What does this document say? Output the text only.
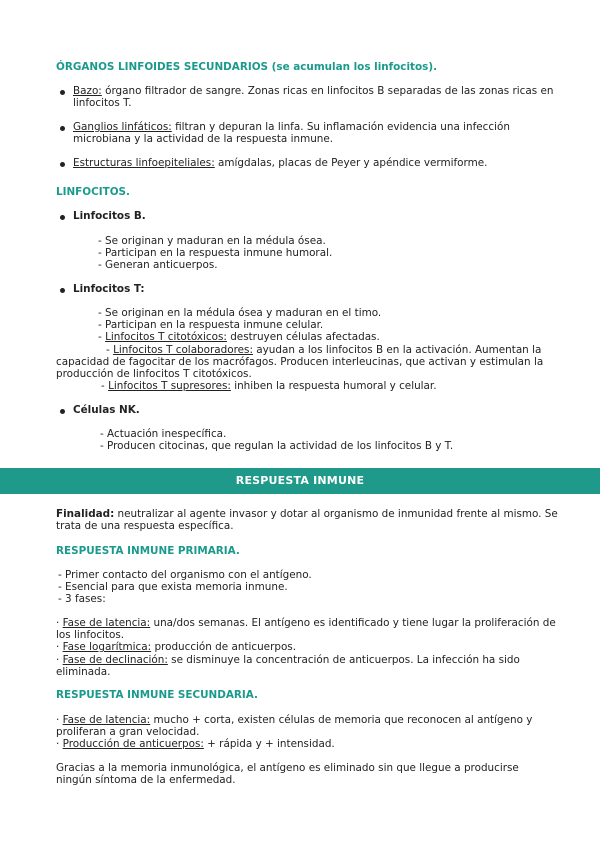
ÓRGANOS LINFOIDES SECUNDARIOS (se acumulan los linfocitos).
Bazo: órgano filtrador de sangre. Zonas ricas en linfocitos B separadas de las zonas ricas en
linfocitos T.
Ganglios linfáticos: filtran y depuran la linfa. Su inflamación evidencia una infección
microbiana y la actividad de la respuesta inmune.
Estructuras linfoepiteliales: amígdalas, placas de Peyer y apéndice vermiforme.
LINFOCITOS.
Linfocitos B.
- Se originan y maduran en la médula ósea.
- Participan en la respuesta inmune humoral.
- Generan anticuerpos.
Linfocitos T:
- Se originan en la médula ósea y maduran en el timo.
- Participan en la respuesta inmune celular.
- Linfocitos T citotóxicos: destruyen células afectadas.
- Linfocitos T colaboradores: ayudan a los linfocitos B en la activación. Aumentan la
capacidad de fagocitar de los macrófagos. Producen interleucinas, que activan y estimulan la
producción de linfocitos T citotóxicos.
- Linfocitos T supresores: inhiben la respuesta humoral y celular.
Células NK.
- Actuación inespecífica.
- Producen citocinas, que regulan la actividad de los linfocitos B y T.
RESPUESTA INMUNE
Finalidad: neutralizar al agente invasor y dotar al organismo de inmunidad frente al mismo. Se
trata de una respuesta específica.
RESPUESTA INMUNE PRIMARIA.
- Primer contacto del organismo con el antígeno.
- Esencial para que exista memoria inmune.
- 3 fases:
· Fase de latencia: una/dos semanas. El antígeno es identificado y tiene lugar la proliferación de
los linfocitos.
· Fase logarítmica: producción de anticuerpos.
· Fase de declinación: se disminuye la concentración de anticuerpos. La infección ha sido
eliminada.
RESPUESTA INMUNE SECUNDARIA.
· Fase de latencia: mucho + corta, existen células de memoria que reconocen al antígeno y
proliferan a gran velocidad.
· Producción de anticuerpos: + rápida y + intensidad.
Gracias a la memoria inmunológica, el antígeno es eliminado sin que llegue a producirse
ningún síntoma de la enfermedad.
